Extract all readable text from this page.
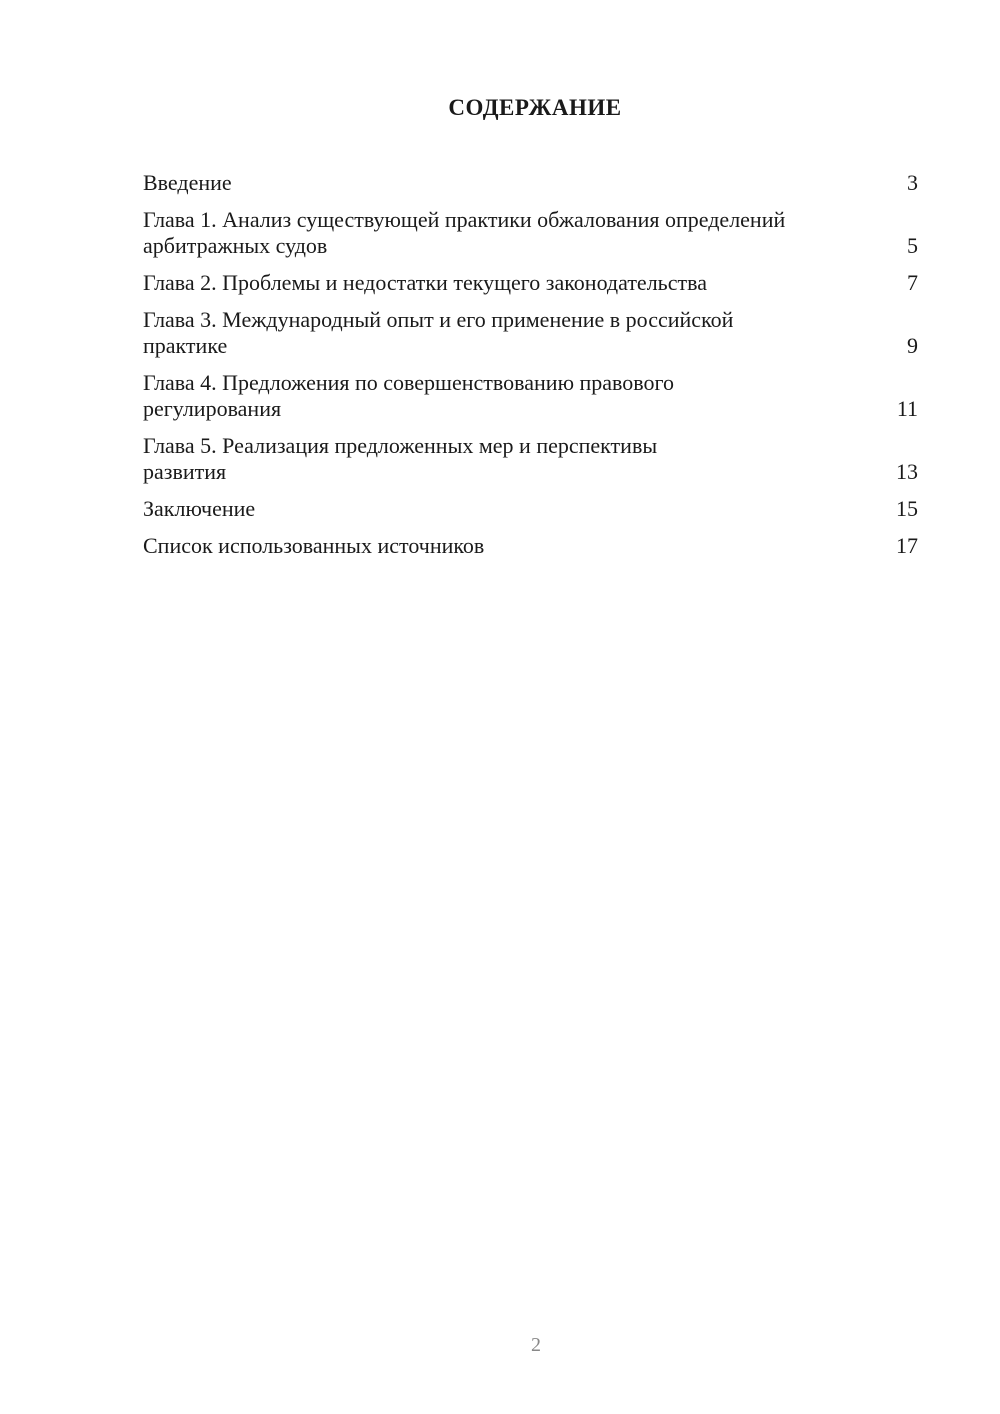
СОДЕРЖАНИЕ
Введение	3
Глава 1. Анализ существующей практики обжалования определений арбитражных судов	5
Глава 2. Проблемы и недостатки текущего законодательства	7
Глава 3. Международный опыт и его применение в российской практике	9
Глава 4. Предложения по совершенствованию правового регулирования	11
Глава 5. Реализация предложенных мер и перспективы развития	13
Заключение	15
Список использованных источников	17
2
